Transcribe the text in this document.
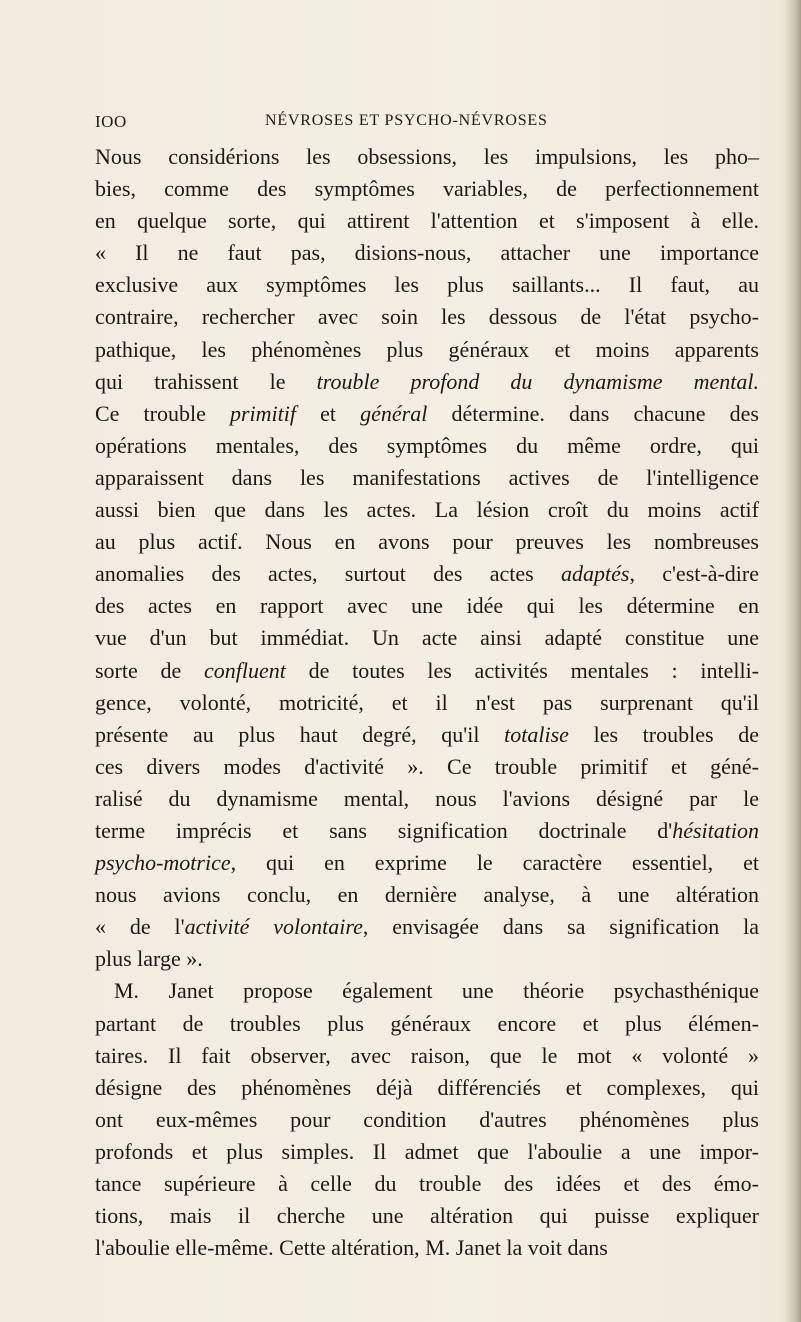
IOO	NÉVROSES ET PSYCHO-NÉVROSES
Nous considérions les obsessions, les impulsions, les pho–
bies, comme des symptômes variables, de perfectionnement
en quelque sorte, qui attirent l'attention et s'imposent à elle.
« Il ne faut pas, disions-nous, attacher une importance
exclusive aux symptômes les plus saillants... Il faut, au
contraire, rechercher avec soin les dessous de l'état psycho-
pathique, les phénomènes plus généraux et moins apparents
qui trahissent le trouble profond du dynamisme mental.
Ce trouble primitif et général détermine. dans chacune des
opérations mentales, des symptômes du même ordre, qui
apparaissent dans les manifestations actives de l'intelligence
aussi bien que dans les actes. La lésion croît du moins actif
au plus actif. Nous en avons pour preuves les nombreuses
anomalies des actes, surtout des actes adaptés, c'est-à-dire
des actes en rapport avec une idée qui les détermine en
vue d'un but immédiat. Un acte ainsi adapté constitue une
sorte de confluent de toutes les activités mentales : intelli-
gence, volonté, motricité, et il n'est pas surprenant qu'il
présente au plus haut degré, qu'il totalise les troubles de
ces divers modes d'activité ». Ce trouble primitif et géné-
ralisé du dynamisme mental, nous l'avions désigné par le
terme imprécis et sans signification doctrinale d'hésitation
psycho-motrice, qui en exprime le caractère essentiel, et
nous avions conclu, en dernière analyse, à une altération
« de l'activité volontaire, envisagée dans sa signification la
plus large ».
M. Janet propose également une théorie psychasthénique
partant de troubles plus généraux encore et plus élémen-
taires. Il fait observer, avec raison, que le mot « volonté »
désigne des phénomènes déjà différenciés et complexes, qui
ont eux-mêmes pour condition d'autres phénomènes plus
profonds et plus simples. Il admet que l'aboulie a une impor-
tance supérieure à celle du trouble des idées et des émo-
tions, mais il cherche une altération qui puisse expliquer
l'aboulie elle-même. Cette altération, M. Janet la voit dans
